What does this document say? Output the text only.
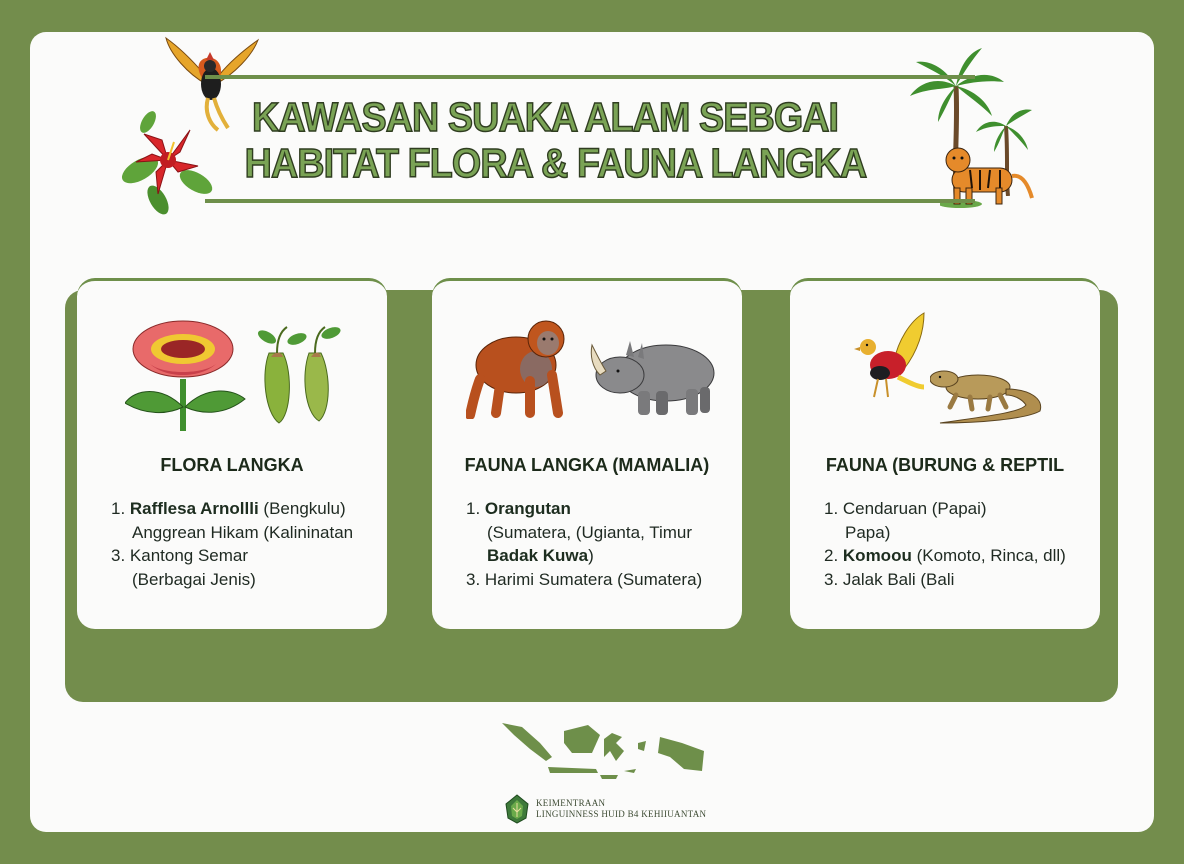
KAWASAN SUAKA ALAM SEBGAI
HABITAT FLORA & FAUNA LANGKA
FLORA LANGKA
1. Rafflesa Arnollli (Bengkulu)
Anggrean Hikam (Kalininatan
3. Kantong Semar
(Berbagai Jenis)
FAUNA LANGKA (MAMALIA)
1. Orangutan
(Sumatera, (Ugianta, Timur
Badak Kuwa)
3. Harimi Sumatera (Sumatera)
FAUNA (BURUNG & REPTIL
1. Cendaruan (Papai)
Papa)
2. Komoou (Komoto, Rinca, dll)
3. Jalak Bali (Bali
KEIMENTRAAN
LINGUINNESS HUID B4 KEHIIUANTAN
